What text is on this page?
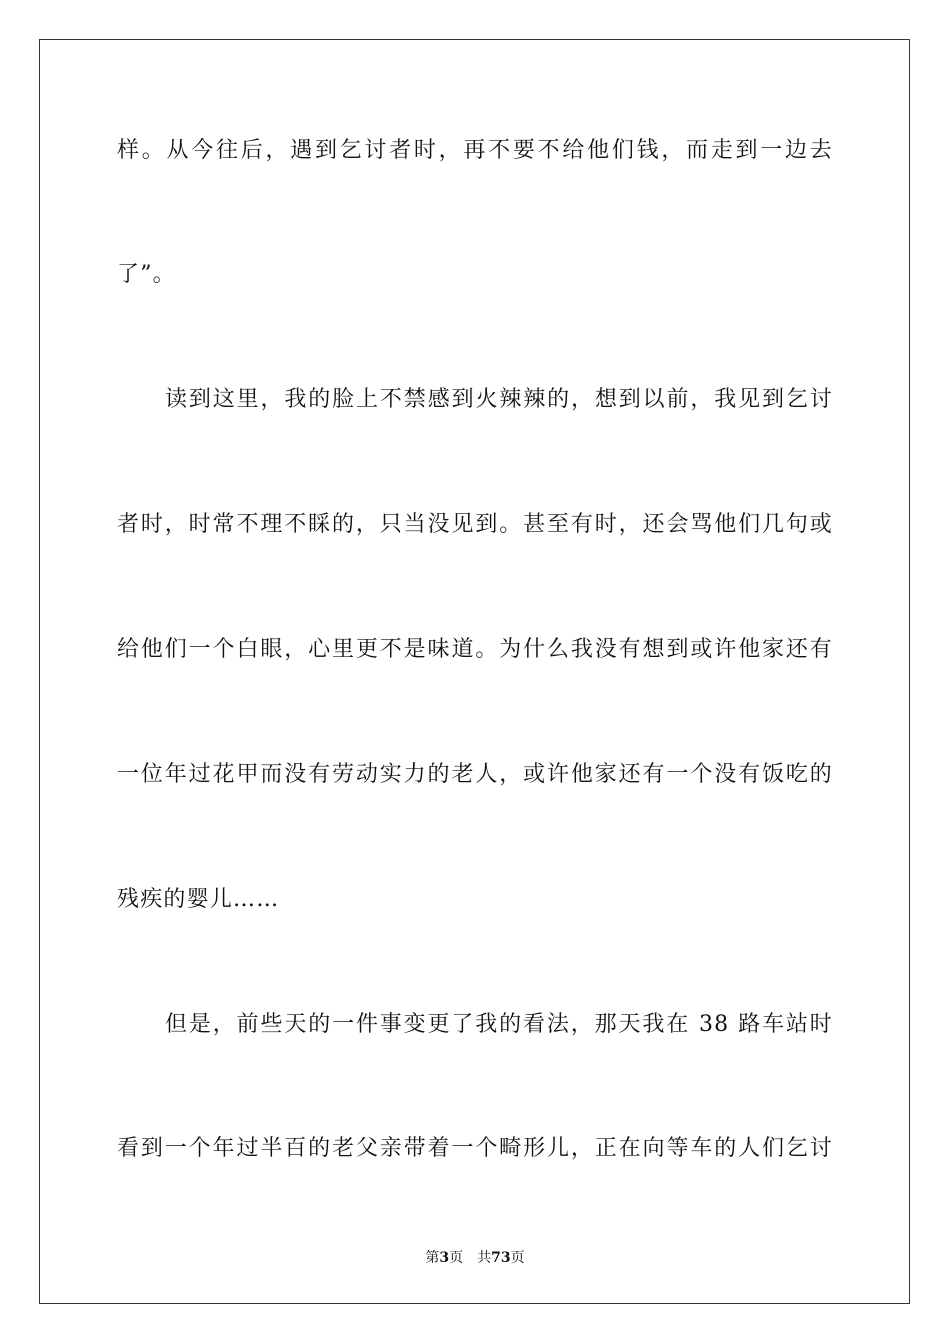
样。从今往后，遇到乞讨者时，再不要不给他们钱，而走到一边去
了”。
读到这里，我的脸上不禁感到火辣辣的，想到以前，我见到乞讨
者时，时常不理不睬的，只当没见到。甚至有时，还会骂他们几句或
给他们一个白眼，心里更不是味道。为什么我没有想到或许他家还有
一位年过花甲而没有劳动实力的老人，或许他家还有一个没有饭吃的
残疾的婴儿……
但是，前些天的一件事变更了我的看法，那天我在 38 路车站时
看到一个年过半百的老父亲带着一个畸形儿，正在向等车的人们乞讨
第3页 共73页
